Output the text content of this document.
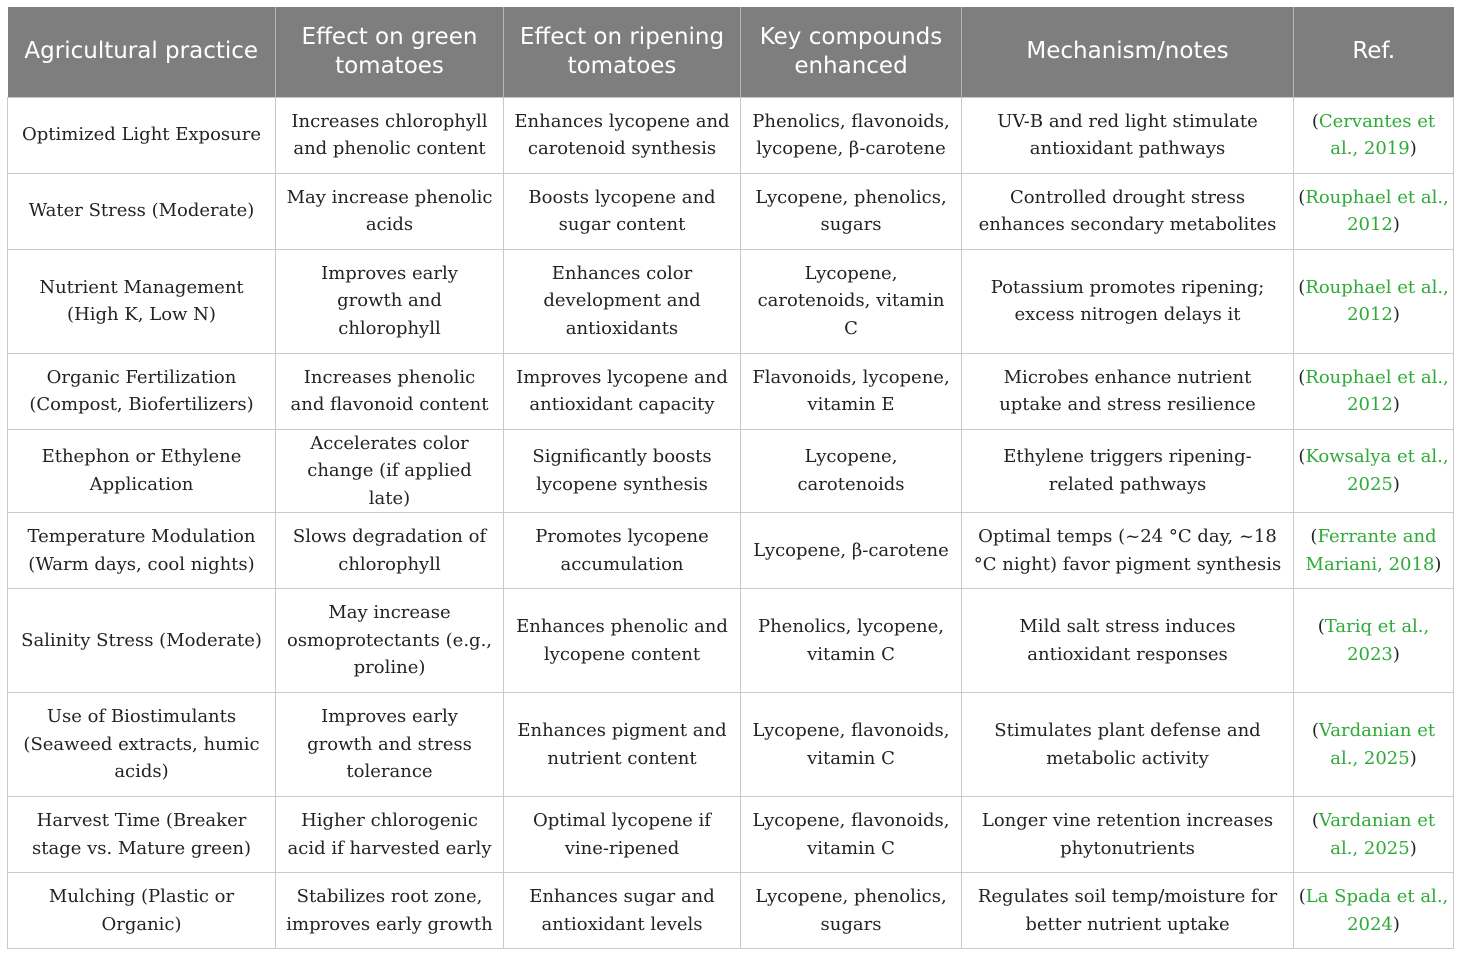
Agricultural practice	Effect on green tomatoes	Effect on ripening tomatoes	Key compounds enhanced	Mechanism/notes	Ref.
Optimized Light Exposure	Increases chlorophyll and phenolic content	Enhances lycopene and carotenoid synthesis	Phenolics, flavonoids, lycopene, β-carotene	UV-B and red light stimulate antioxidant pathways	(Cervantes et al., 2019)
Water Stress (Moderate)	May increase phenolic acids	Boosts lycopene and sugar content	Lycopene, phenolics, sugars	Controlled drought stress enhances secondary metabolites	(Rouphael et al., 2012)
Nutrient Management (High K, Low N)	Improves early growth and chlorophyll	Enhances color development and antioxidants	Lycopene, carotenoids, vitamin C	Potassium promotes ripening; excess nitrogen delays it	(Rouphael et al., 2012)
Organic Fertilization (Compost, Biofertilizers)	Increases phenolic and flavonoid content	Improves lycopene and antioxidant capacity	Flavonoids, lycopene, vitamin E	Microbes enhance nutrient uptake and stress resilience	(Rouphael et al., 2012)
Ethephon or Ethylene Application	Accelerates color change (if applied late)	Significantly boosts lycopene synthesis	Lycopene, carotenoids	Ethylene triggers ripening-related pathways	(Kowsalya et al., 2025)
Temperature Modulation (Warm days, cool nights)	Slows degradation of chlorophyll	Promotes lycopene accumulation	Lycopene, β-carotene	Optimal temps (~24 °C day, ~18 °C night) favor pigment synthesis	(Ferrante and Mariani, 2018)
Salinity Stress (Moderate)	May increase osmoprotectants (e.g., proline)	Enhances phenolic and lycopene content	Phenolics, lycopene, vitamin C	Mild salt stress induces antioxidant responses	(Tariq et al., 2023)
Use of Biostimulants (Seaweed extracts, humic acids)	Improves early growth and stress tolerance	Enhances pigment and nutrient content	Lycopene, flavonoids, vitamin C	Stimulates plant defense and metabolic activity	(Vardanian et al., 2025)
Harvest Time (Breaker stage vs. Mature green)	Higher chlorogenic acid if harvested early	Optimal lycopene if vine-ripened	Lycopene, flavonoids, vitamin C	Longer vine retention increases phytonutrients	(Vardanian et al., 2025)
Mulching (Plastic or Organic)	Stabilizes root zone, improves early growth	Enhances sugar and antioxidant levels	Lycopene, phenolics, sugars	Regulates soil temp/moisture for better nutrient uptake	(La Spada et al., 2024)
